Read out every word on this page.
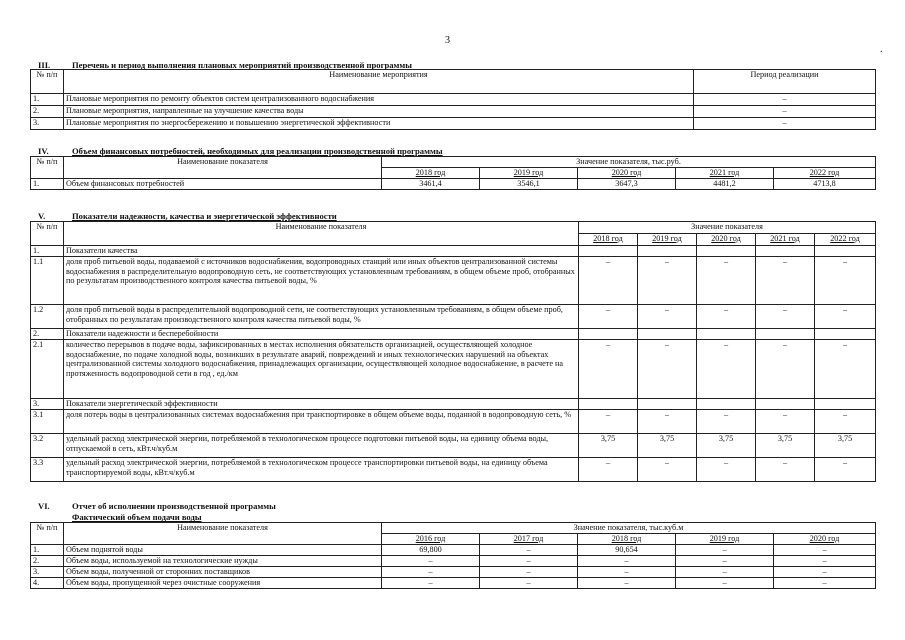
3
.
III.	Перечень и период выполнения плановых мероприятий производственной программы
№ п/п	Наименование мероприятия	Период реализации
1.	Плановые мероприятия по ремонту объектов систем централизованного водоснабжения	–
2.	Плановые мероприятия, направленные на улучшение качества воды	–
3.	Плановые мероприятия по энергосбережению и повышению энергетической эффективности	–
IV.	Объем финансовых потребностей, необходимых для реализации производственной программы
№ п/п	Наименование показателя	Значение показателя, тыс.руб.				
		2018 год	2019 год	2020 год	2021 год	2022 год
1.	Объем финансовых потребностей	3461,4	3546,1	3647,3	4481,2	4713,8
V.	Показатели надежности, качества и энергетической эффективности
№ п/п	Наименование показателя	Значение показателя				
		2018 год	2019 год	2020 год	2021 год	2022 год
1.	Показатели качества					
1.1	доля проб питьевой воды, подаваемой с источников водоснабжения, водопроводных станций или иных объектов централизованной системы водоснабжения в распределительную водопроводную сеть, не соответствующих установленным требованиям, в общем объеме проб, отобранных по результатам производственного контроля качества питьевой воды, %	–	–	–	–	–
1.2	доля проб питьевой воды в распределительной водопроводной сети, не соответствующих установленным требованиям, в общем объеме проб, отобранных по результатам производственного контроля качества питьевой воды, %	–	–	–	–	–
2.	Показатели надежности и бесперебойности					
2.1	количество перерывов в подаче воды, зафиксированных в местах исполнения обязательств организацией, осуществляющей холодное водоснабжение, по подаче холодной воды, возникших в результате аварий, повреждений и иных технологических нарушений на объектах централизованной системы холодного водоснабжения, принадлежащих организации, осуществляющей холодное водоснабжение, в расчете на протяженность водопроводной сети в год , ед./км	–	–	–	–	–
3.	Показатели энергетической эффективности					
3.1	доля потерь воды в централизованных системах водоснабжения при транспортировке в общем объеме воды, поданной в водопроводную сеть, %	–	–	–	–	–
3.2	удельный расход электрической энергии, потребляемой в технологическом процессе подготовки питьевой воды, на единицу объема воды, отпускаемой в сеть, кВт.ч/куб.м	3,75	3,75	3,75	3,75	3,75
3.3	удельный расход электрической энергии, потребляемой в технологическом процессе транспортировки питьевой воды, на единицу объема транспортируемой воды, кВт.ч/куб.м	–	–	–	–	–
VI.	Отчет об исполнении производственной программы
Фактический объем подачи воды
№ п/п	Наименование показателя	Значение показателя, тыс.куб.м				
		2016 год	2017 год	2018 год	2019 год	2020 год
1.	Объем поднятой воды	69,800	–	90,654	–	–
2.	Объем воды, используемой на технологические нужды	–	–	–	–	–
3.	Объем воды, полученной от сторонних поставщиков	–	–	–	–	–
4.	Объем воды, пропущенной через очистные сооружения	–	–	–	–	–
